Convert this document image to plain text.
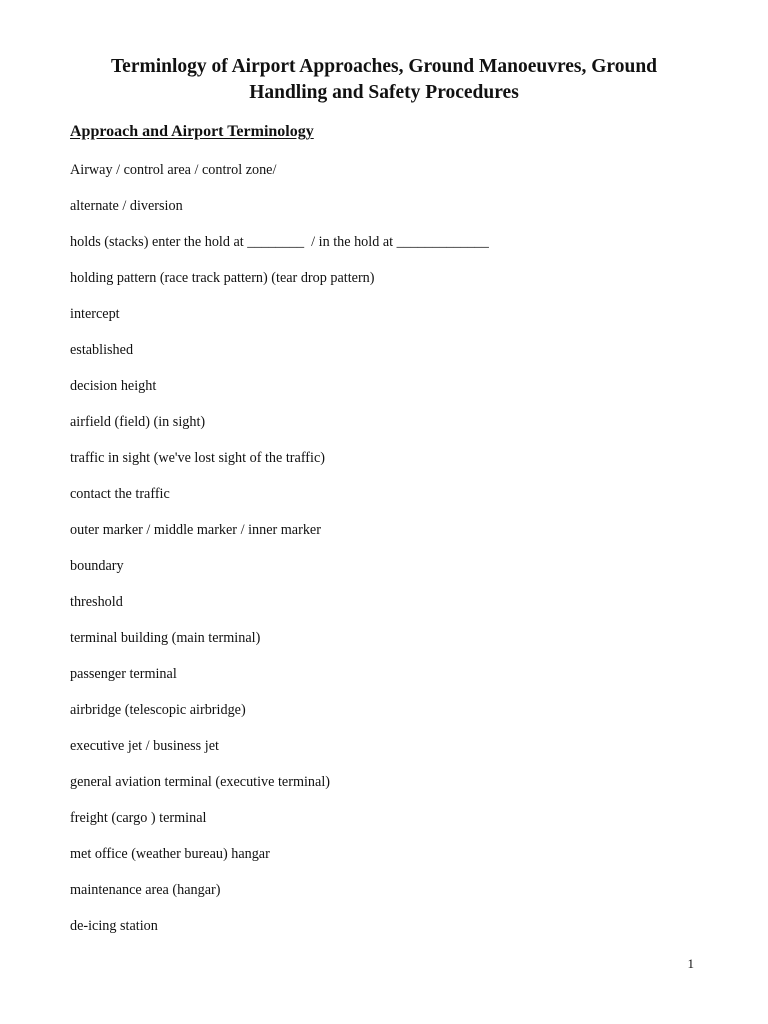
Terminlogy of Airport Approaches, Ground Manoeuvres, Ground
Handling and Safety Procedures
Approach and Airport Terminology
Airway / control area / control zone/
alternate / diversion
holds (stacks) enter the hold at ________  / in the hold at _____________
holding pattern (race track pattern) (tear drop pattern)
intercept
established
decision height
airfield (field) (in sight)
traffic in sight (we've lost sight of the traffic)
contact the traffic
outer marker / middle marker / inner marker
boundary
threshold
terminal building (main terminal)
passenger terminal
airbridge (telescopic airbridge)
executive jet / business jet
general aviation terminal (executive terminal)
freight (cargo ) terminal
met office (weather bureau) hangar
maintenance area (hangar)
de-icing station
1
